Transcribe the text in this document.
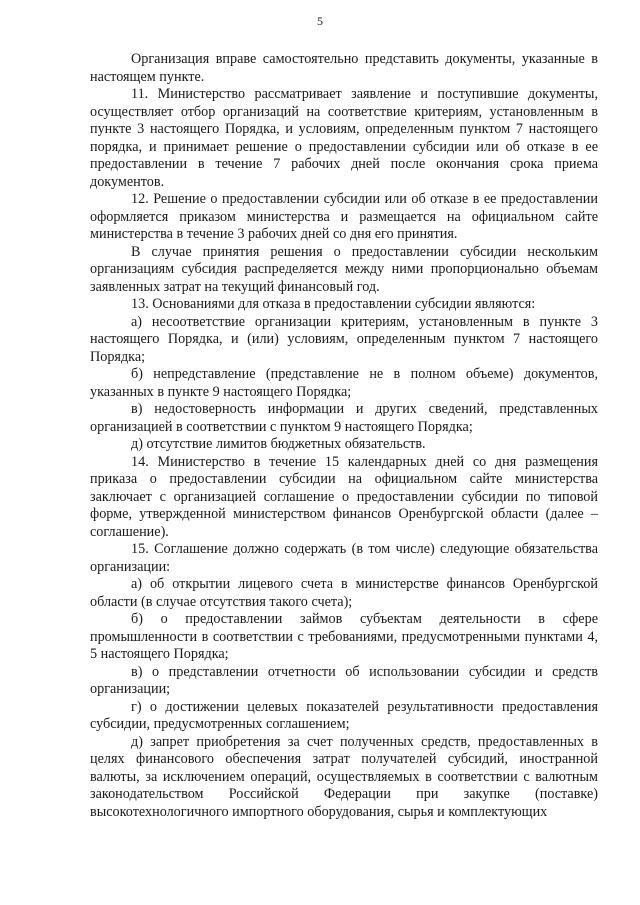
5

Организация вправе самостоятельно представить документы, указанные в настоящем пункте.

11. Министерство рассматривает заявление и поступившие документы, осуществляет отбор организаций на соответствие критериям, установленным в пункте 3 настоящего Порядка, и условиям, определенным пунктом 7 настоящего порядка, и принимает решение о предоставлении субсидии или об отказе в ее предоставлении в течение 7 рабочих дней после окончания срока приема документов.

12. Решение о предоставлении субсидии или об отказе в ее предоставлении оформляется приказом министерства и размещается на официальном сайте министерства в течение 3 рабочих дней со дня его принятия.

В случае принятия решения о предоставлении субсидии нескольким организациям субсидия распределяется между ними пропорционально объемам заявленных затрат на текущий финансовый год.

13. Основаниями для отказа в предоставлении субсидии являются:

а) несоответствие организации критериям, установленным в пункте 3 настоящего Порядка, и (или) условиям, определенным пунктом 7 настоящего Порядка;

б) непредставление (представление не в полном объеме) документов, указанных в пункте 9 настоящего Порядка;

в) недостоверность информации и других сведений, представленных организацией в соответствии с пунктом 9 настоящего Порядка;

д) отсутствие лимитов бюджетных обязательств.

14. Министерство в течение 15 календарных дней со дня размещения приказа о предоставлении субсидии на официальном сайте министерства заключает с организацией соглашение о предоставлении субсидии по типовой форме, утвержденной министерством финансов Оренбургской области (далее – соглашение).

15. Соглашение должно содержать (в том числе) следующие обязательства организации:

а) об открытии лицевого счета в министерстве финансов Оренбургской области (в случае отсутствия такого счета);

б) о предоставлении займов субъектам деятельности в сфере промышленности в соответствии с требованиями, предусмотренными пунктами 4, 5 настоящего Порядка;

в) о представлении отчетности об использовании субсидии и средств организации;

г) о достижении целевых показателей результативности предоставления субсидии, предусмотренных соглашением;

д) запрет приобретения за счет полученных средств, предоставленных в целях финансового обеспечения затрат получателей субсидий, иностранной валюты, за исключением операций, осуществляемых в соответствии с валютным законодательством Российской Федерации при закупке (поставке) высокотехнологичного импортного оборудования, сырья и комплектующих
